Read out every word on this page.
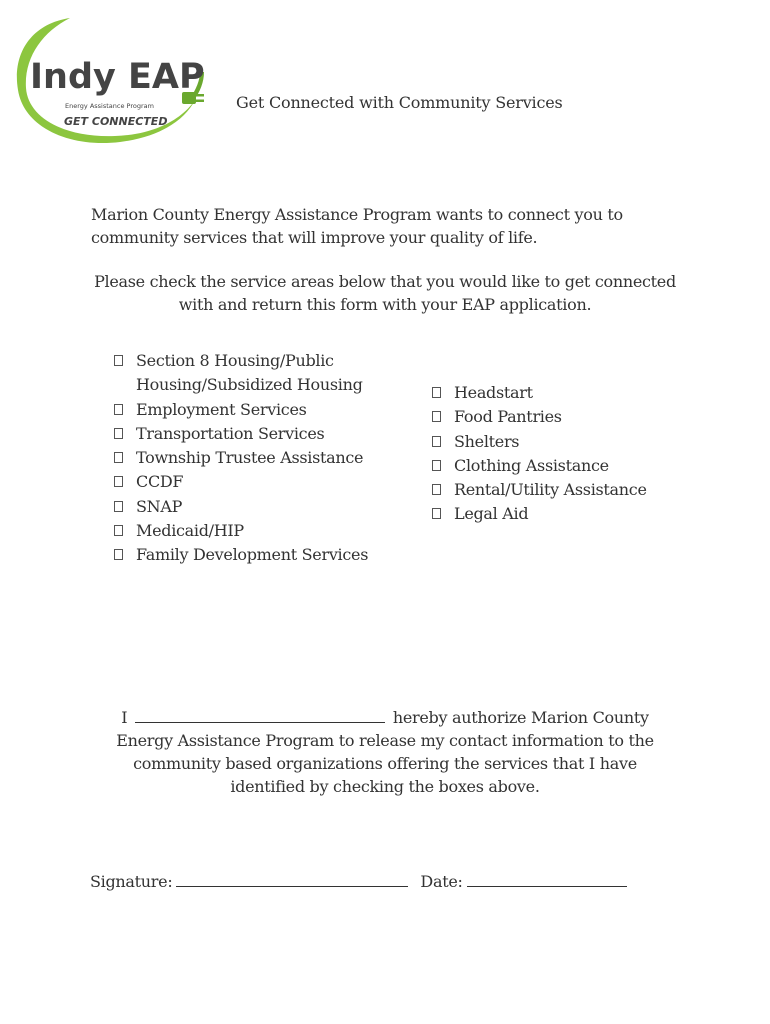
Indy EAP
Energy Assistance Program
GET CONNECTED
Get Connected with Community Services
Marion County Energy Assistance Program wants to connect you to community services that will improve your quality of life.
Please check the service areas below that you would like to get connected with and return this form with your EAP application.
Section 8 Housing/Public Housing/Subsidized Housing
Employment Services
Transportation Services
Township Trustee Assistance
CCDF
SNAP
Medicaid/HIP
Family Development Services
Headstart
Food Pantries
Shelters
Clothing Assistance
Rental/Utility Assistance
Legal Aid
I	hereby authorize Marion County Energy Assistance Program to release my contact information to the community based organizations offering the services that I have identified by checking the boxes above.
Signature:	Date:
